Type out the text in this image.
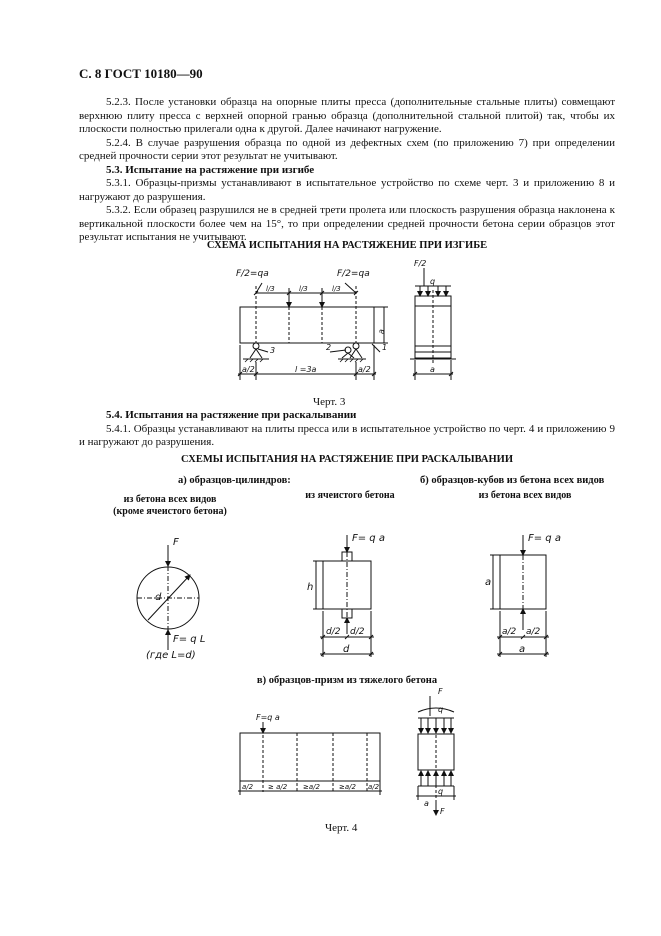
С. 8 ГОСТ 10180—90

5.2.3. После установки образца на опорные плиты пресса (дополнительные стальные плиты) совмещают верхнюю плиту пресса с верхней опорной гранью образца (дополнительной стальной плитой) так, чтобы их плоскости полностью прилегали одна к другой. Далее начинают нагружение.

5.2.4. В случае разрушения образца по одной из дефектных схем (по приложению 7) при определении средней прочности серии этот результат не учитывают.

5.3. Испытание на растяжение при изгибе

5.3.1. Образцы-призмы устанавливают в испытательное устройство по схеме черт. 3 и приложению 8 и нагружают до разрушения.

5.3.2. Если образец разрушился не в средней трети пролета или плоскость разрушения образца наклонена к вертикальной плоскости более чем на 15°, то при определении средней прочности бетона серии образцов этот результат испытания не учитывают.

СХЕМА ИСПЫТАНИЯ НА РАСТЯЖЕНИЕ ПРИ ИЗГИБЕ
Черт. 3

5.4. Испытания на растяжение при раскалывании

5.4.1. Образцы устанавливают на плиты пресса или в испытательное устройство по черт. 4 и приложению 9 и нагружают до разрушения.

СХЕМЫ ИСПЫТАНИЯ НА РАСТЯЖЕНИЕ ПРИ РАСКАЛЫВАНИИ
а) образцов-цилиндров:	б) образцов-кубов из бетона всех видов
из бетона всех видов
(кроме ячеистого бетона)
из ячеистого бетона	из бетона всех видов
в) образцов-призм из тяжелого бетона
Черт. 4
F/2=qa	F/2=qa
l/3	l/3	l/3
l =3a
a/2	a/2
a
F/2
q
a
1
2
3
F
F= q L
(где L=d)
d
F= q a
h
d/2 d/2
d
F= q a
a
a/2 a/2
a
F=q a
a/2 ≥ a/2 ≥a/2	≥a/2 a/2
F
q
q
a
F
